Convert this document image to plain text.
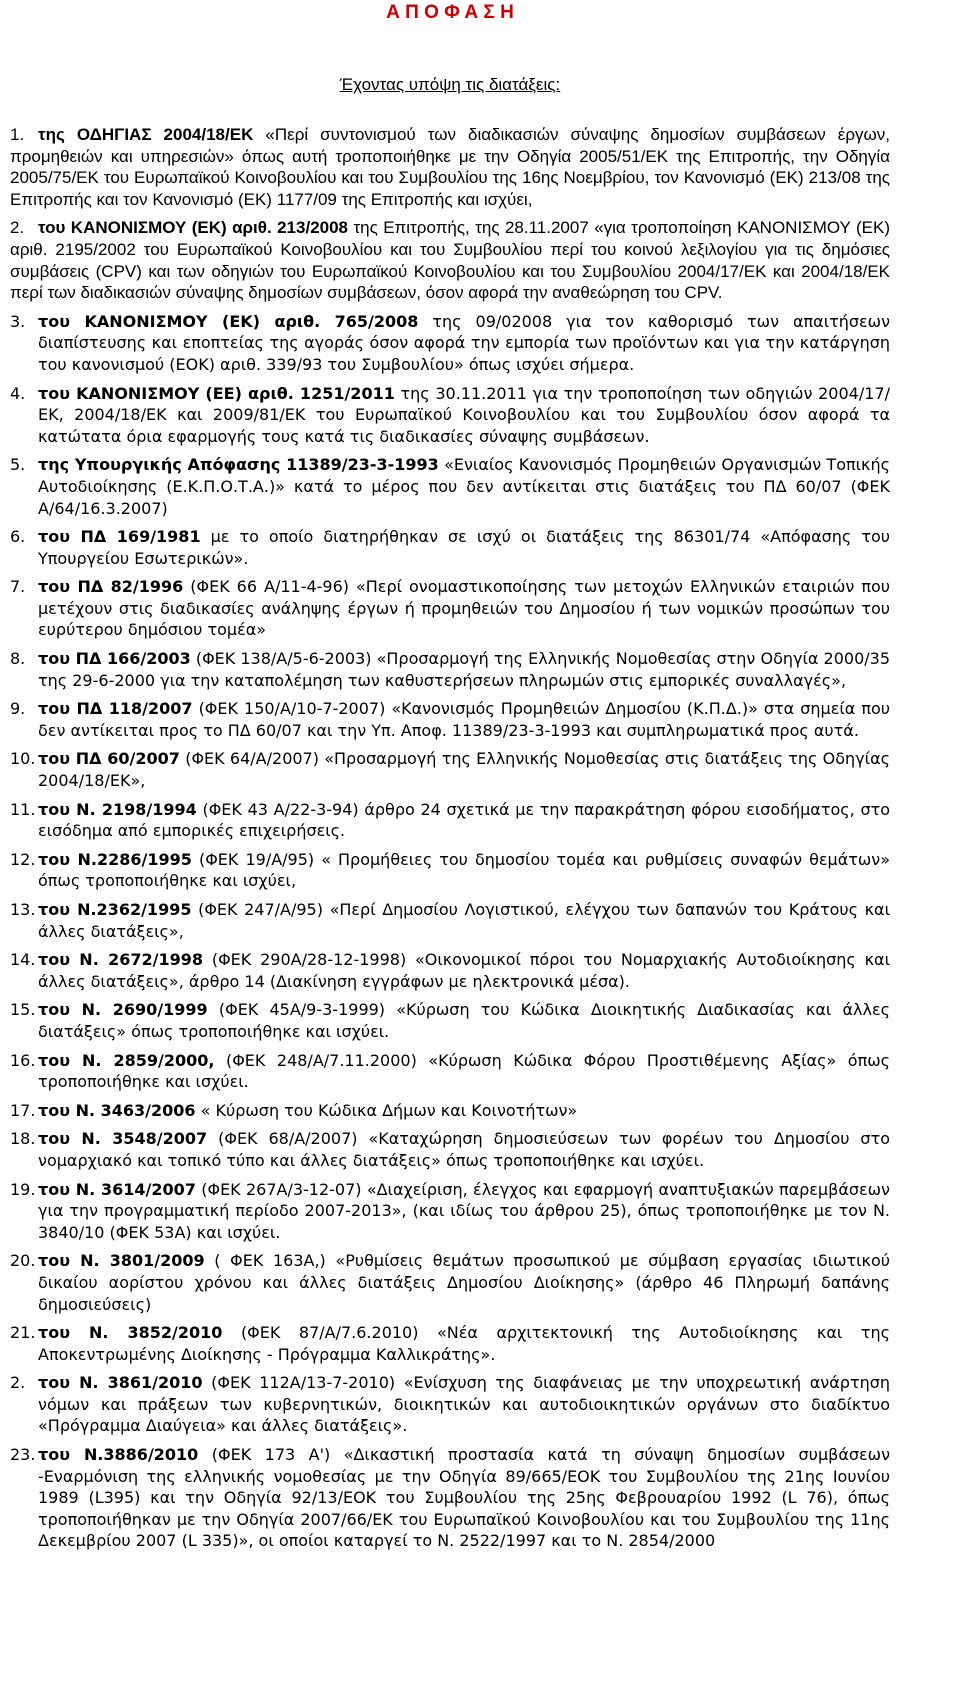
Α Π Ο Φ Α Σ Η
Έχοντας υπόψη τις διατάξεις:
1. της ΟΔΗΓΙΑΣ 2004/18/ΕΚ «Περί συντονισμού των διαδικασιών σύναψης δημοσίων συμβάσεων έργων, προμηθειών και υπηρεσιών» όπως αυτή τροποποιήθηκε με την Οδηγία 2005/51/ΕΚ της Επιτροπής, την Οδηγία 2005/75/ΕΚ του Ευρωπαϊκού Κοινοβουλίου και του Συμβουλίου της 16ης Νοεμβρίου, τον Κανονισμό (ΕΚ) 213/08 της Επιτροπής και τον Κανονισμό (ΕΚ) 1177/09 της Επιτροπής και ισχύει,
2. του ΚΑΝΟΝΙΣΜΟΥ (ΕΚ) αριθ. 213/2008 της Επιτροπής, της 28.11.2007 «για τροποποίηση ΚΑΝΟΝΙΣΜΟΥ (ΕΚ) αριθ. 2195/2002 του Ευρωπαϊκού Κοινοβουλίου και του Συμβουλίου περί του κοινού λεξιλογίου για τις δημόσιες συμβάσεις (CPV) και των οδηγιών του Ευρωπαϊκού Κοινοβουλίου και του Συμβουλίου 2004/17/ΕΚ και 2004/18/ΕΚ περί των διαδικασιών σύναψης δημοσίων συμβάσεων, όσον αφορά την αναθεώρηση του CPV.
3. του ΚΑΝΟΝΙΣΜΟΥ (ΕΚ) αριθ. 765/2008 της 09/02008 για τον καθορισμό των απαιτήσεων διαπίστευσης και εποπτείας της αγοράς όσον αφορά την εμπορία των προϊόντων και για την κατάργηση του κανονισμού (ΕΟΚ) αριθ. 339/93 του Συμβουλίου» όπως ισχύει σήμερα.
4. του ΚΑΝΟΝΙΣΜΟΥ (ΕΕ) αριθ. 1251/2011 της 30.11.2011 για την τροποποίηση των οδηγιών 2004/17/ΕΚ, 2004/18/ΕΚ και 2009/81/ΕΚ του Ευρωπαϊκού Κοινοβουλίου και του Συμβουλίου όσον αφορά τα κατώτατα όρια εφαρμογής τους κατά τις διαδικασίες σύναψης συμβάσεων.
5. της Υπουργικής Απόφασης 11389/23-3-1993 «Ενιαίος Κανονισμός Προμηθειών Οργανισμών Τοπικής Αυτοδιοίκησης (Ε.Κ.Π.Ο.Τ.Α.)» κατά το μέρος που δεν αντίκειται στις διατάξεις του ΠΔ 60/07 (ΦΕΚ Α/64/16.3.2007)
6. του ΠΔ 169/1981 με το οποίο διατηρήθηκαν σε ισχύ οι διατάξεις της 86301/74 «Απόφασης του Υπουργείου Εσωτερικών».
7. του ΠΔ 82/1996 (ΦΕΚ 66 Α/11-4-96) «Περί ονομαστικοποίησης των μετοχών Ελληνικών εταιριών που μετέχουν στις διαδικασίες ανάληψης έργων ή προμηθειών του Δημοσίου ή των νομικών προσώπων του ευρύτερου δημόσιου τομέα»
8. του ΠΔ 166/2003 (ΦΕΚ 138/Α/5-6-2003) «Προσαρμογή της Ελληνικής Νομοθεσίας στην Οδηγία 2000/35 της 29-6-2000 για την καταπολέμηση των καθυστερήσεων πληρωμών στις εμπορικές συναλλαγές»,
9. του ΠΔ 118/2007 (ΦΕΚ 150/Α/10-7-2007) «Κανονισμός Προμηθειών Δημοσίου (Κ.Π.Δ.)» στα σημεία που δεν αντίκειται προς το ΠΔ 60/07 και την Υπ. Αποφ. 11389/23-3-1993 και συμπληρωματικά προς αυτά.
10. του ΠΔ 60/2007 (ΦΕΚ 64/Α/2007) «Προσαρμογή της Ελληνικής Νομοθεσίας στις διατάξεις της Οδηγίας 2004/18/ΕΚ»,
11. του Ν. 2198/1994 (ΦΕΚ 43 Α/22-3-94) άρθρο 24 σχετικά με την παρακράτηση φόρου εισοδήματος, στο εισόδημα από εμπορικές επιχειρήσεις.
12. του Ν.2286/1995 (ΦΕΚ 19/Α/95) « Προμήθειες του δημοσίου τομέα και ρυθμίσεις συναφών θεμάτων» όπως τροποποιήθηκε και ισχύει,
13. του Ν.2362/1995 (ΦΕΚ 247/Α/95) «Περί Δημοσίου Λογιστικού, ελέγχου των δαπανών του Κράτους και άλλες διατάξεις»,
14. του Ν. 2672/1998 (ΦΕΚ 290Α/28-12-1998) «Οικονομικοί πόροι του Νομαρχιακής Αυτοδιοίκησης και άλλες διατάξεις», άρθρο 14 (Διακίνηση εγγράφων με ηλεκτρονικά μέσα).
15. του Ν. 2690/1999 (ΦΕΚ 45Α/9-3-1999) «Κύρωση του Κώδικα Διοικητικής Διαδικασίας και άλλες διατάξεις» όπως τροποποιήθηκε και ισχύει.
16. του Ν. 2859/2000, (ΦΕΚ 248/Α/7.11.2000) «Κύρωση Κώδικα Φόρου Προστιθέμενης Αξίας» όπως τροποποιήθηκε και ισχύει.
17. του Ν. 3463/2006 « Κύρωση του Κώδικα Δήμων και Κοινοτήτων»
18. του Ν. 3548/2007 (ΦΕΚ 68/Α/2007) «Καταχώρηση δημοσιεύσεων των φορέων του Δημοσίου στο νομαρχιακό και τοπικό τύπο και άλλες διατάξεις» όπως τροποποιήθηκε και ισχύει.
19. του Ν. 3614/2007 (ΦΕΚ 267Α/3-12-07) «Διαχείριση, έλεγχος και εφαρμογή αναπτυξιακών παρεμβάσεων για την προγραμματική περίοδο 2007-2013», (και ιδίως του άρθρου 25), όπως τροποποιήθηκε με τον Ν. 3840/10 (ΦΕΚ 53Α) και ισχύει.
20. του Ν. 3801/2009 ( ΦΕΚ 163Α,) «Ρυθμίσεις θεμάτων προσωπικού με σύμβαση εργασίας ιδιωτικού δικαίου αορίστου χρόνου και άλλες διατάξεις Δημοσίου Διοίκησης» (άρθρο 46 Πληρωμή δαπάνης δημοσιεύσεις)
21. του Ν. 3852/2010 (ΦΕΚ 87/Α/7.6.2010) «Νέα αρχιτεκτονική της Αυτοδιοίκησης και της Αποκεντρωμένης Διοίκησης - Πρόγραμμα Καλλικράτης».
2. του Ν. 3861/2010 (ΦΕΚ 112Α/13-7-2010) «Ενίσχυση της διαφάνειας με την υποχρεωτική ανάρτηση νόμων και πράξεων των κυβερνητικών, διοικητικών και αυτοδιοικητικών οργάνων στο διαδίκτυο «Πρόγραμμα Διαύγεια» και άλλες διατάξεις».
23. του Ν.3886/2010 (ΦΕΚ 173 Α') «Δικαστική προστασία κατά τη σύναψη δημοσίων συμβάσεων -Εναρμόνιση της ελληνικής νομοθεσίας με την Οδηγία 89/665/ΕΟΚ του Συμβουλίου της 21ης Ιουνίου 1989 (L395) και την Οδηγία 92/13/ΕΟΚ του Συμβουλίου της 25ης Φεβρουαρίου 1992 (L 76), όπως τροποποιήθηκαν με την Οδηγία 2007/66/ΕΚ του Ευρωπαϊκού Κοινοβουλίου και του Συμβουλίου της 11ης Δεκεμβρίου 2007 (L 335)», οι οποίοι καταργεί το Ν. 2522/1997 και το Ν. 2854/2000
